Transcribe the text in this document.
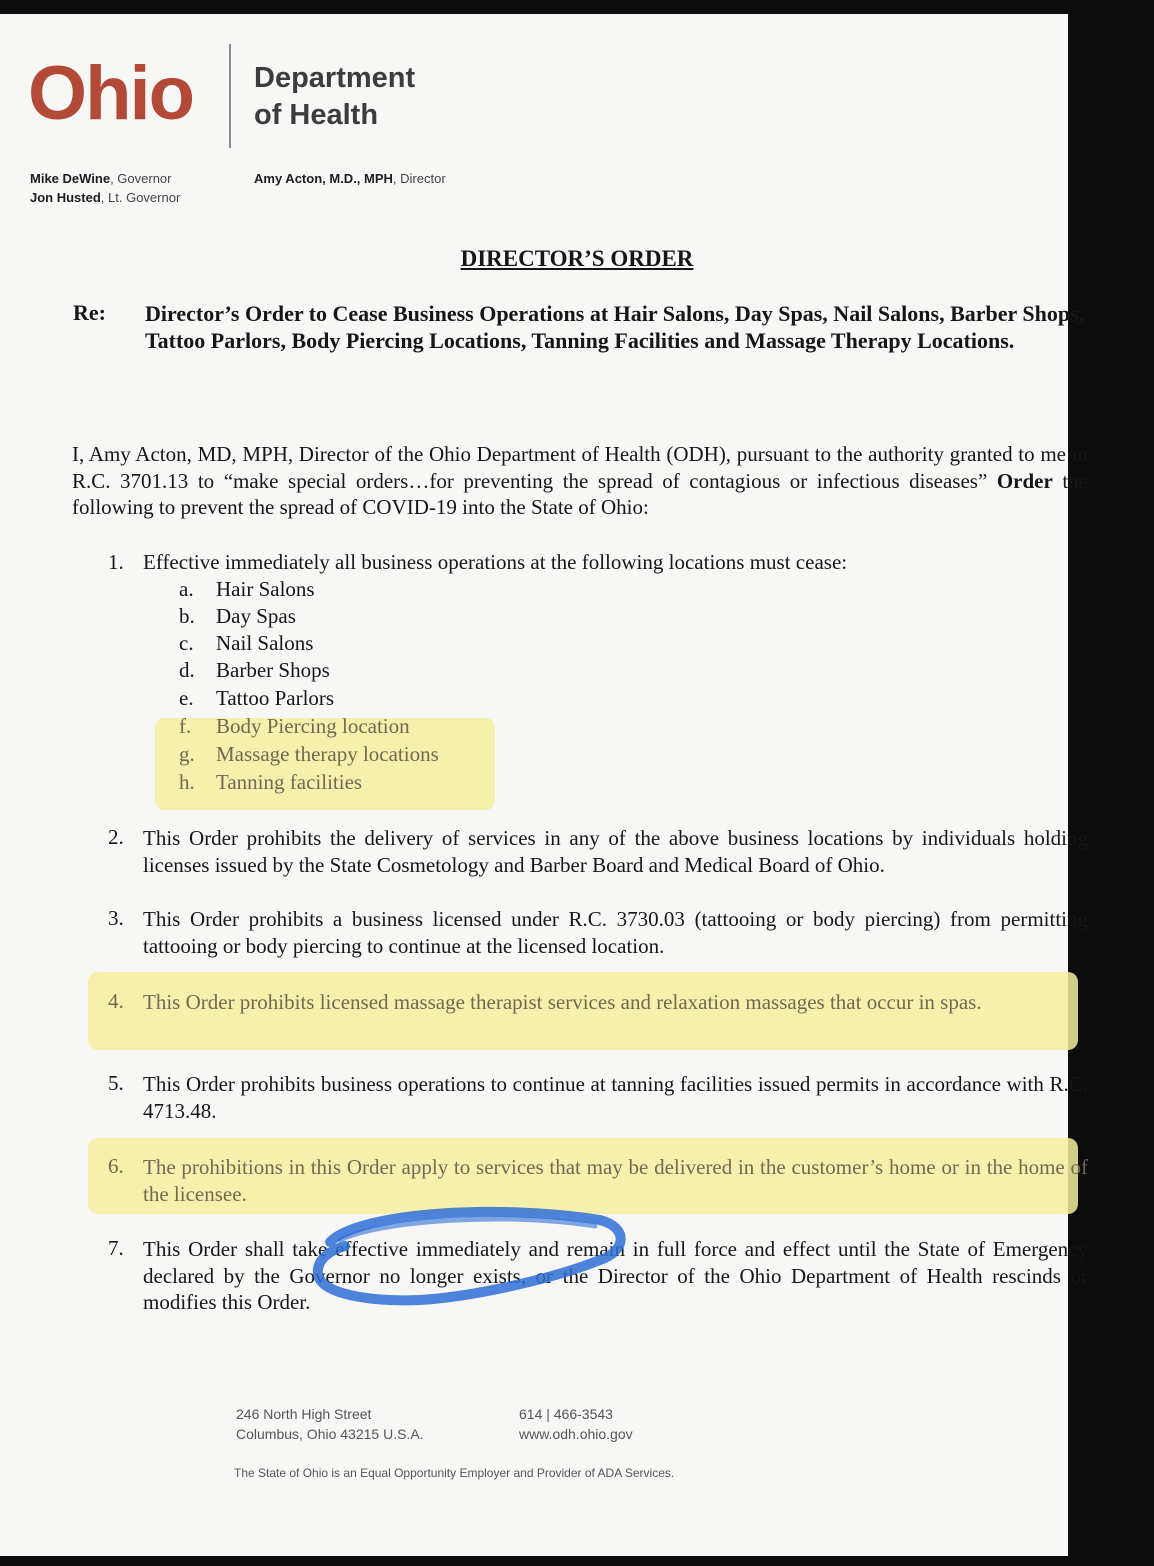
Ohio Department
of Health
Mike DeWine, Governor
Jon Husted, Lt. Governor
Amy Acton, M.D., MPH, Director
DIRECTOR’S ORDER
Re: Director’s Order to Cease Business Operations at Hair Salons, Day Spas, Nail Salons, Barber Shops, Tattoo Parlors, Body Piercing Locations, Tanning Facilities and Massage Therapy Locations.
I, Amy Acton, MD, MPH, Director of the Ohio Department of Health (ODH), pursuant to the authority granted to me in R.C. 3701.13 to “make special orders…for preventing the spread of contagious or infectious diseases” Order the following to prevent the spread of COVID-19 into the State of Ohio:
1. Effective immediately all business operations at the following locations must cease:
a.	Hair Salons
b.	Day Spas
c.	Nail Salons
d.	Barber Shops
e.	Tattoo Parlors
f.	Body Piercing location
g.	Massage therapy locations
h.	Tanning facilities
2. This Order prohibits the delivery of services in any of the above business locations by individuals holding licenses issued by the State Cosmetology and Barber Board and Medical Board of Ohio.
3. This Order prohibits a business licensed under R.C. 3730.03 (tattooing or body piercing) from permitting tattooing or body piercing to continue at the licensed location.
4. This Order prohibits licensed massage therapist services and relaxation massages that occur in spas.
5. This Order prohibits business operations to continue at tanning facilities issued permits in accordance with R.C. 4713.48.
6. The prohibitions in this Order apply to services that may be delivered in the customer’s home or in the home of the licensee.
7. This Order shall take effective immediately and remain in full force and effect until the State of Emergency declared by the Governor no longer exists, or the Director of the Ohio Department of Health rescinds or modifies this Order.
246 North High Street
Columbus, Ohio 43215 U.S.A.
614 | 466-3543
www.odh.ohio.gov
The State of Ohio is an Equal Opportunity Employer and Provider of ADA Services.
